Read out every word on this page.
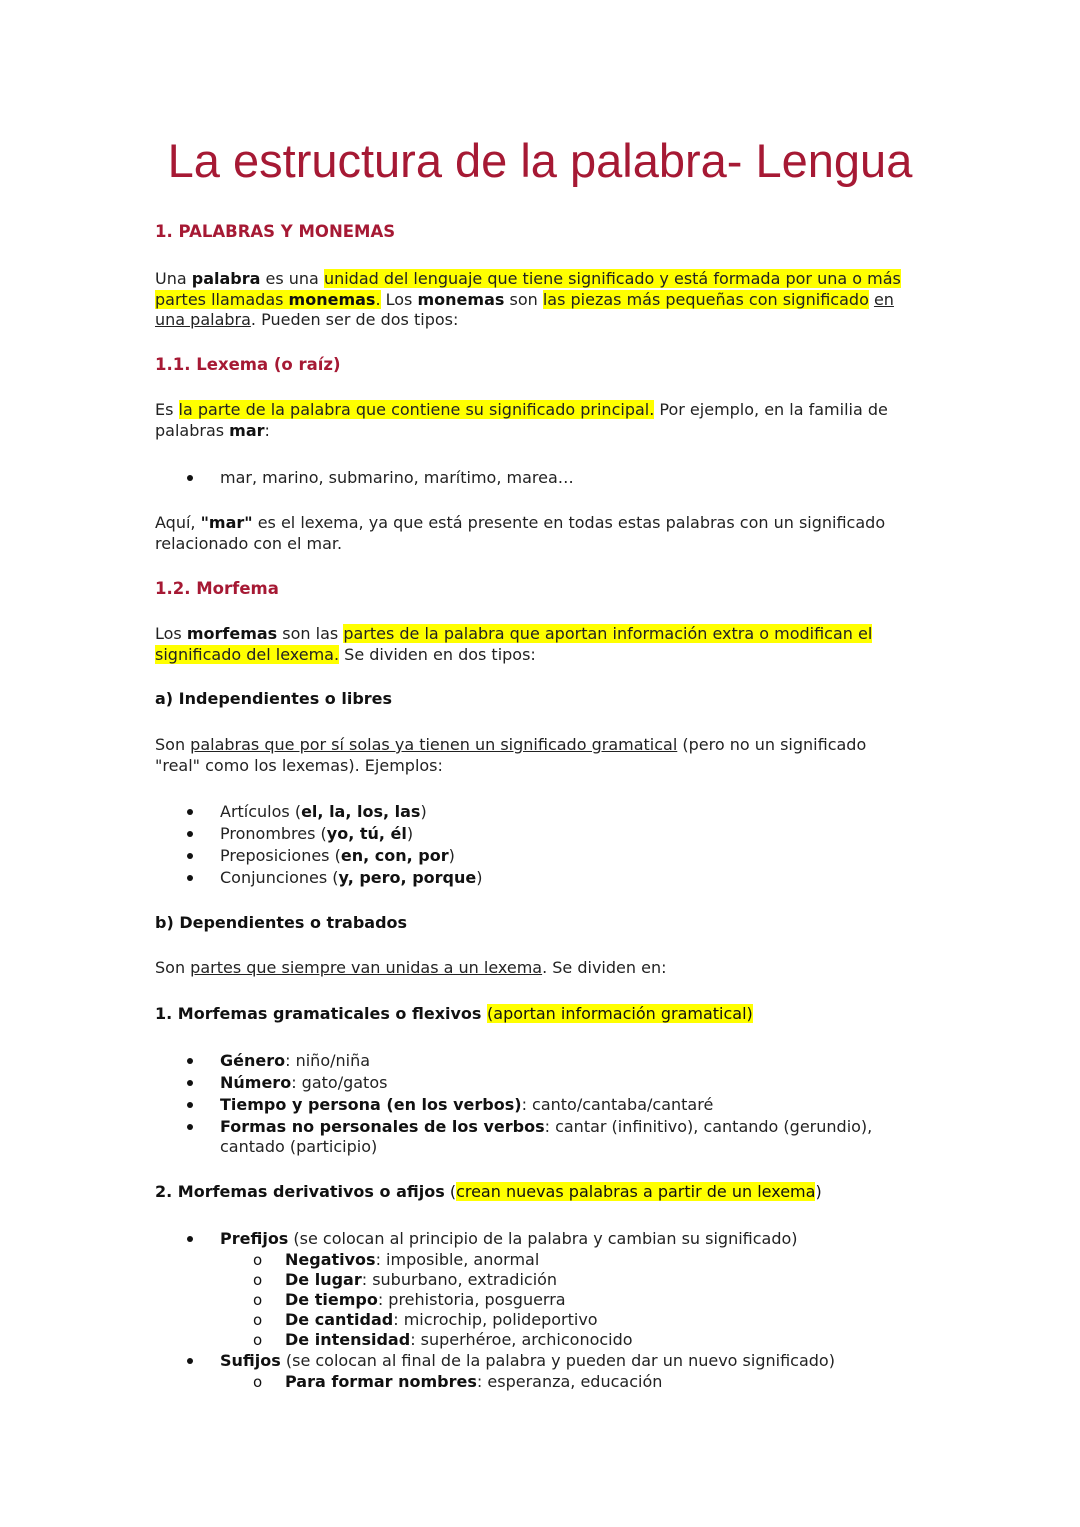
La estructura de la palabra- Lengua
1. PALABRAS Y MONEMAS

Una palabra es una unidad del lenguaje que tiene significado y está formada por una o más partes llamadas monemas. Los monemas son las piezas más pequeñas con significado en una palabra. Pueden ser de dos tipos:

1.1. Lexema (o raíz)

Es la parte de la palabra que contiene su significado principal. Por ejemplo, en la familia de palabras mar:

mar, marino, submarino, marítimo, marea…

Aquí, "mar" es el lexema, ya que está presente en todas estas palabras con un significado relacionado con el mar.

1.2. Morfema

Los morfemas son las partes de la palabra que aportan información extra o modifican el significado del lexema. Se dividen en dos tipos:

a) Independientes o libres

Son palabras que por sí solas ya tienen un significado gramatical (pero no un significado "real" como los lexemas). Ejemplos:

Artículos (el, la, los, las)
Pronombres (yo, tú, él)
Preposiciones (en, con, por)
Conjunciones (y, pero, porque)
b) Dependientes o trabados

Son partes que siempre van unidas a un lexema. Se dividen en:

1. Morfemas gramaticales o flexivos (aportan información gramatical)

Género: niño/niña
Número: gato/gatos
Tiempo y persona (en los verbos): canto/cantaba/cantaré
Formas no personales de los verbos: cantar (infinitivo), cantando (gerundio), cantado (participio)

2. Morfemas derivativos o afijos (crean nuevas palabras a partir de un lexema)

Prefijos (se colocan al principio de la palabra y cambian su significado)
o Negativos: imposible, anormal
o De lugar: suburbano, extradición
o De tiempo: prehistoria, posguerra
o De cantidad: microchip, polideportivo
o De intensidad: superhéroe, archiconocido
Sufijos (se colocan al final de la palabra y pueden dar un nuevo significado)
o Para formar nombres: esperanza, educación
